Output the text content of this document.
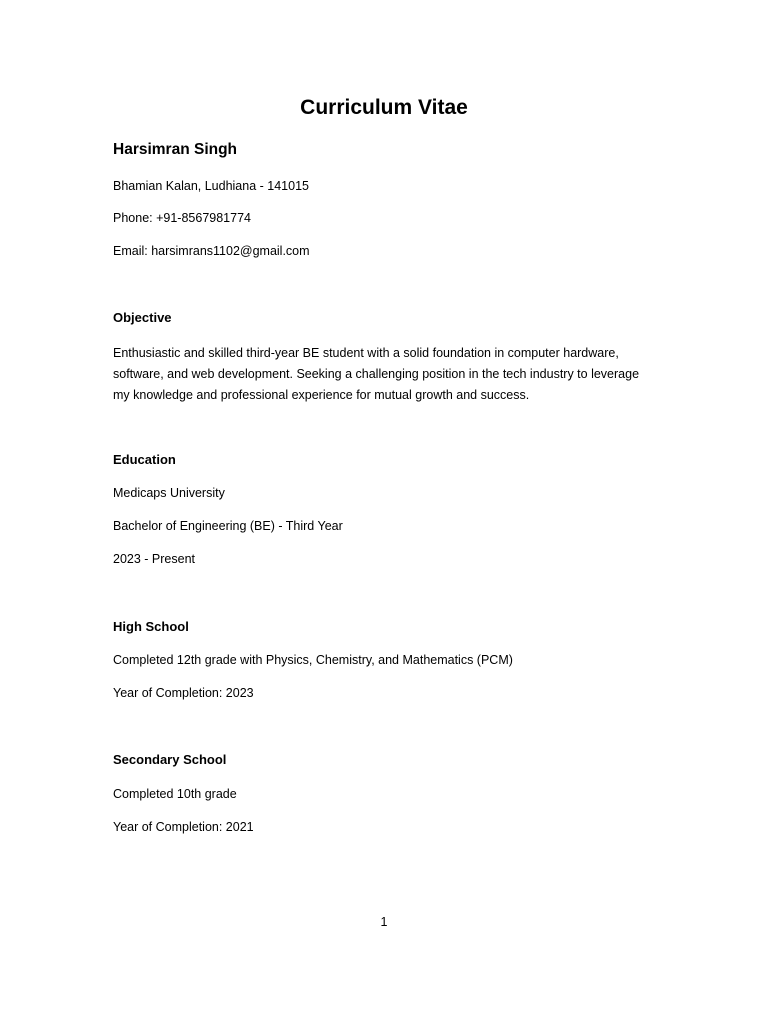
Curriculum Vitae
Harsimran Singh

Bhamian Kalan, Ludhiana - 141015

Phone: +91-8567981774

Email: harsimrans1102@gmail.com

Objective
Enthusiastic and skilled third-year BE student with a solid foundation in computer hardware,
software, and web development. Seeking a challenging position in the tech industry to leverage
my knowledge and professional experience for mutual growth and success.
Education

Medicaps University

Bachelor of Engineering (BE) - Third Year

2023 - Present

High School

Completed 12th grade with Physics, Chemistry, and Mathematics (PCM)

Year of Completion: 2023

Secondary School

Completed 10th grade

Year of Completion: 2021

1
